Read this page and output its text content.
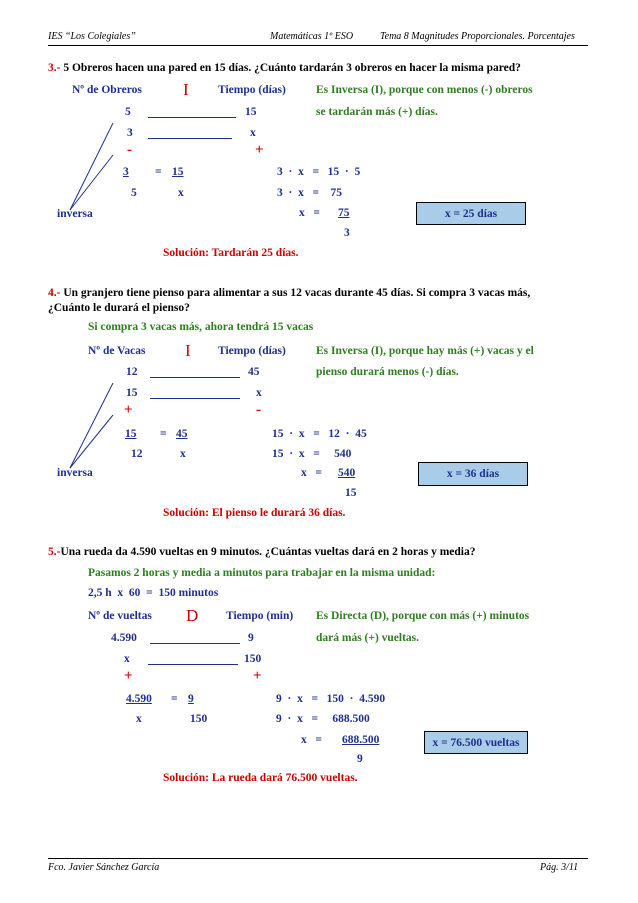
IES “Los Colegiales”	Matemáticas 1º ESO	Tema 8 Magnitudes Proporcionales. Porcentajes
3.- 5 Obreros hacen una pared en 15 días. ¿Cuánto tardarán 3 obreros en hacer la misma pared?
Nº de Obreros I	Tiempo (días)	Es Inversa (I), porque con menos (-) obreros
se tardarán más (+) días.
5	15
3	x
-	+
3 = 15
5	x
3  ·  x   =   15  ·  5
3  ·  x   =    75
x   = 75
3
inversa	x = 25 días
Solución: Tardarán 25 días.
4.- Un granjero tiene pienso para alimentar a sus 12 vacas durante 45 días. Si compra 3 vacas más,
¿Cuánto le durará el pienso?
Si compra 3 vacas más, ahora tendrá 15 vacas
Nº de Vacas I Tiempo (días)	Es Inversa (I), porque hay más (+) vacas y el
pienso durará menos (-) días.
12	45
15	x
+	-
15 = 45
12	x
15  ·  x   =   12  ·  45
15  ·  x   =     540
x   = 540
15
inversa	x = 36 días
Solución: El pienso le durará 36 días.
5.-Una rueda da 4.590 vueltas en 9 minutos. ¿Cuántas vueltas dará en 2 horas y media?
Pasamos 2 horas y media a minutos para trabajar en la misma unidad:
2,5 h  x  60  =  150 minutos
Nº de vueltas D Tiempo (min) Es Directa (D), porque con más (+) minutos
dará más (+) vueltas.
4.590	9
x	150
+	+
4.590 = 9
x	150
9  ·  x   =   150  ·  4.590
9  ·  x   =     688.500
x   = 688.500
9
x = 76.500 vueltas
Solución: La rueda dará 76.500 vueltas.
Fco. Javier Sánchez García	Pág. 3/11
